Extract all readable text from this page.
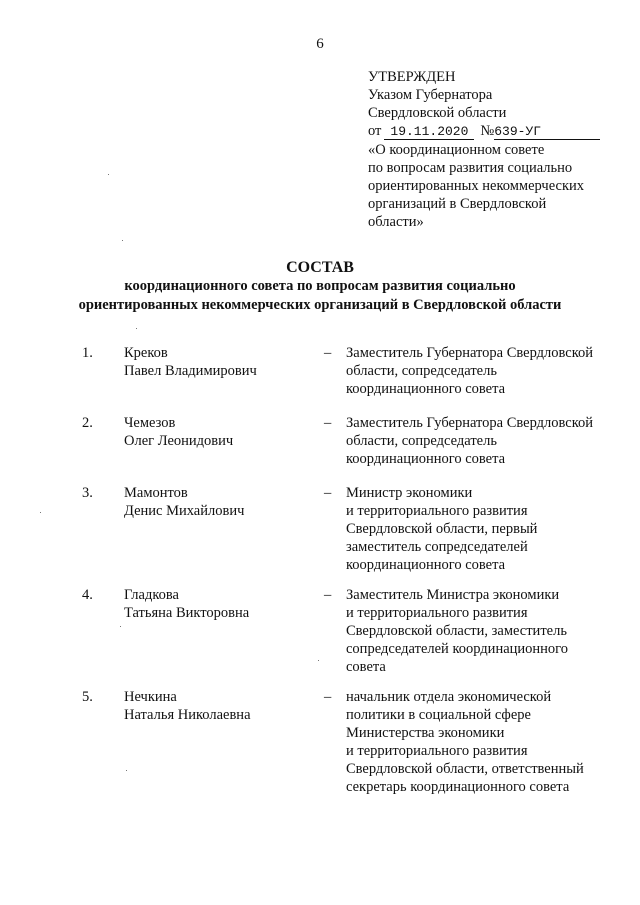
6
УТВЕРЖДЕН
Указом Губернатора
Свердловской области
от 19.11.2020 № 639-УГ
«О координационном совете
по вопросам развития социально
ориентированных некоммерческих
организаций в Свердловской
области»
СОСТАВ
координационного совета по вопросам развития социально
ориентированных некоммерческих организаций в Свердловской области
1. Креков
Павел Владимирович
– Заместитель Губернатора Свердловской
области, сопредседатель
координационного совета
2. Чемезов
Олег Леонидович
– Заместитель Губернатора Свердловской
области, сопредседатель
координационного совета
3. Мамонтов
Денис Михайлович
– Министр экономики
и территориального развития
Свердловской области, первый
заместитель сопредседателей
координационного совета
4. Гладкова
Татьяна Викторовна
– Заместитель Министра экономики
и территориального развития
Свердловской области, заместитель
сопредседателей координационного
совета
5. Нечкина
Наталья Николаевна
– начальник отдела экономической
политики в социальной сфере
Министерства экономики
и территориального развития
Свердловской области, ответственный
секретарь координационного совета
